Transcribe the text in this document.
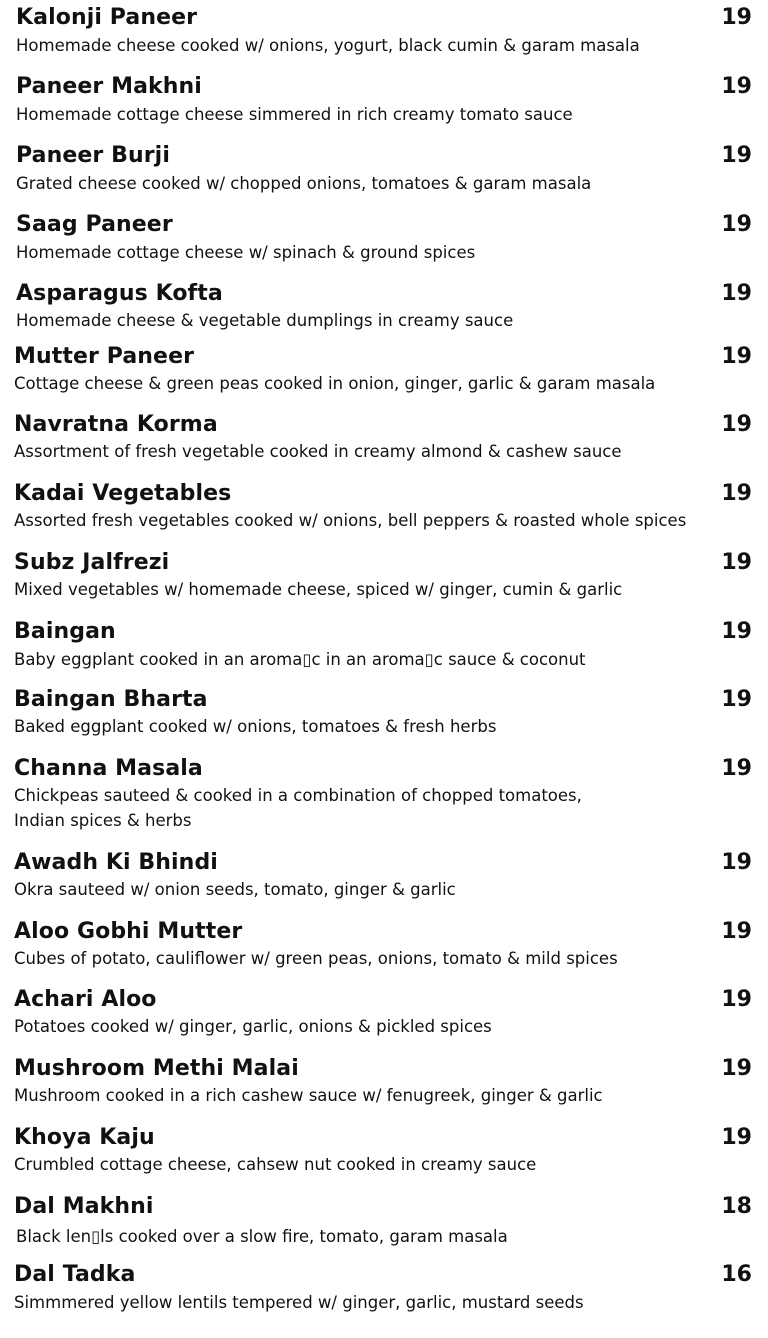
Kalonji Paneer	19
Homemade cheese cooked w/ onions, yogurt, black cumin & garam masala
Paneer Makhni	19
Homemade cottage cheese simmered in rich creamy tomato sauce
Paneer Burji	19
Grated cheese cooked w/ chopped onions, tomatoes & garam masala
Saag Paneer	19
Homemade cottage cheese w/ spinach & ground spices
Asparagus Kofta	19
Homemade cheese & vegetable dumplings in creamy sauce
Mutter Paneer	19
Cottage cheese & green peas cooked in onion, ginger, garlic & garam masala
Navratna Korma	19
Assortment of fresh vegetable cooked in creamy almond & cashew sauce
Kadai Vegetables	19
Assorted fresh vegetables cooked w/ onions, bell peppers & roasted whole spices
Subz Jalfrezi	19
Mixed vegetables w/ homemade cheese, spiced w/ ginger, cumin & garlic
Baingan	19
Baby eggplant cooked in an aroma▯c in an aroma▯c sauce & coconut
Baingan Bharta	19
Baked eggplant cooked w/ onions, tomatoes & fresh herbs
Channa Masala	19
Chickpeas sauteed & cooked in a combination of chopped tomatoes,
Indian spices & herbs
Awadh Ki Bhindi	19
Okra sauteed w/ onion seeds, tomato, ginger & garlic
Aloo Gobhi Mutter	19
Cubes of potato, cauliflower w/ green peas, onions, tomato & mild spices
Achari Aloo	19
Potatoes cooked w/ ginger, garlic, onions & pickled spices
Mushroom Methi Malai	19
Mushroom cooked in a rich cashew sauce w/ fenugreek, ginger & garlic
Khoya Kaju	19
Crumbled cottage cheese, cahsew nut cooked in creamy sauce
Dal Makhni	18
Black len▯ls cooked over a slow fire, tomato, garam masala
Dal Tadka	16
Simmmered yellow lentils tempered w/ ginger, garlic, mustard seeds
